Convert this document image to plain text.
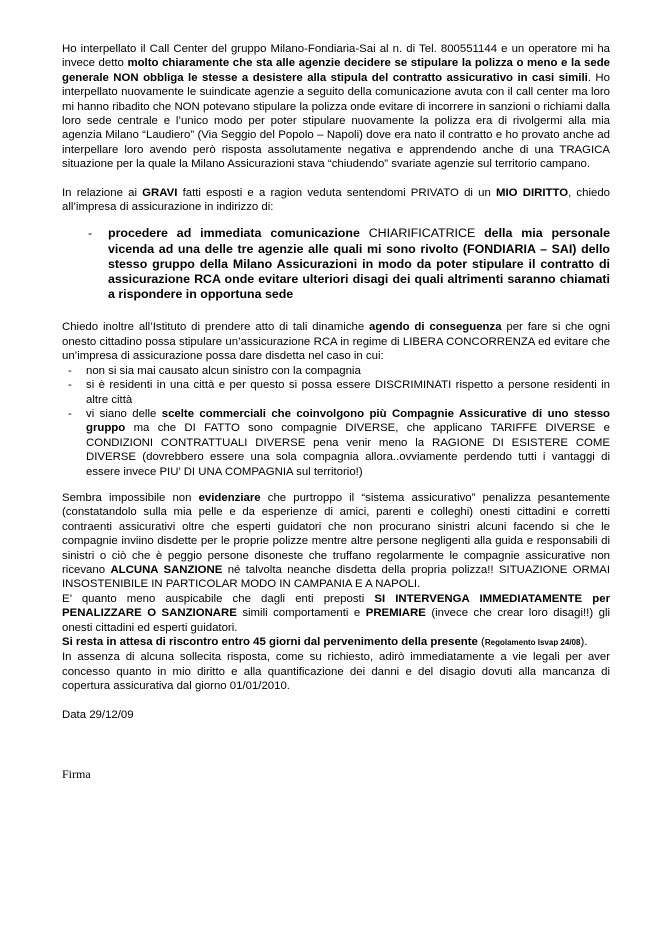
Ho interpellato il Call Center del gruppo Milano-Fondiaria-Sai al n. di Tel. 800551144 e un operatore mi ha invece detto molto chiaramente che sta alle agenzie decidere se stipulare la polizza o meno e la sede generale NON obbliga le stesse a desistere alla stipula del contratto assicurativo in casi simili. Ho interpellato nuovamente le suindicate agenzie a seguito della comunicazione avuta con il call center ma loro mi hanno ribadito che NON potevano stipulare la polizza onde evitare di incorrere in sanzioni o richiami dalla loro sede centrale e l’unico modo per poter stipulare nuovamente la polizza era di rivolgermi alla mia agenzia Milano “Laudiero” (Via Seggio del Popolo – Napoli) dove era nato il contratto e ho provato anche ad interpellare loro avendo però risposta assolutamente negativa e apprendendo anche di una TRAGICA situazione per la quale la Milano Assicurazioni stava “chiudendo” svariate agenzie sul territorio campano.

In relazione ai GRAVI fatti esposti e a ragion veduta sentendomi PRIVATO di un MIO DIRITTO, chiedo all’impresa di assicurazione in indirizzo di:

-	procedere ad immediata comunicazione CHIARIFICATRICE della mia personale vicenda ad una delle tre agenzie alle quali mi sono rivolto (FONDIARIA – SAI) dello stesso gruppo della Milano Assicurazioni in modo da poter stipulare il contratto di assicurazione RCA onde evitare ulteriori disagi dei quali altrimenti saranno chiamati a rispondere in opportuna sede

Chiedo inoltre all’Istituto di prendere atto di tali dinamiche agendo di conseguenza per fare si che ogni onesto cittadino possa stipulare un’assicurazione RCA in regime di LIBERA CONCORRENZA ed evitare che un’impresa di assicurazione possa dare disdetta nel caso in cui:

-	non si sia mai causato alcun sinistro con la compagnia
-	si è residenti in una città e per questo si possa essere DISCRIMINATI rispetto a persone residenti in altre città
-	vi siano delle scelte commerciali che coinvolgono più Compagnie Assicurative di uno stesso gruppo ma che DI FATTO sono compagnie DIVERSE, che applicano TARIFFE DIVERSE e CONDIZIONI CONTRATTUALI DIVERSE pena venir meno la RAGIONE DI ESISTERE COME DIVERSE (dovrebbero essere una sola compagnia allora..ovviamente perdendo tutti i vantaggi di essere invece PIU’ DI UNA COMPAGNIA sul territorio!)

Sembra impossibile non evidenziare che purtroppo il “sistema assicurativo” penalizza pesantemente (constatandolo sulla mia pelle e da esperienze di amici, parenti e colleghi) onesti cittadini e corretti contraenti assicurativi oltre che esperti guidatori che non procurano sinistri alcuni facendo si che le compagnie inviino disdette per le proprie polizze mentre altre persone negligenti alla guida e responsabili di sinistri o ciò che è peggio persone disoneste che truffano regolarmente le compagnie assicurative non ricevano ALCUNA SANZIONE né talvolta neanche disdetta della propria polizza!! SITUAZIONE ORMAI INSOSTENIBILE IN PARTICOLAR MODO IN CAMPANIA E A NAPOLI.

E’ quanto meno auspicabile che dagli enti preposti SI INTERVENGA IMMEDIATAMENTE per PENALIZZARE O SANZIONARE simili comportamenti e PREMIARE (invece che crear loro disagi!!) gli onesti cittadini ed esperti guidatori.

Si resta in attesa di riscontro entro 45 giorni dal pervenimento della presente (Regolamento Isvap 24/08).

In assenza di alcuna sollecita risposta, come su richiesto, adirò immediatamente a vie legali per aver concesso quanto in mio diritto e alla quantificazione dei danni e del disagio dovuti alla mancanza di copertura assicurativa dal giorno 01/01/2010.

Data 29/12/09

Firma
